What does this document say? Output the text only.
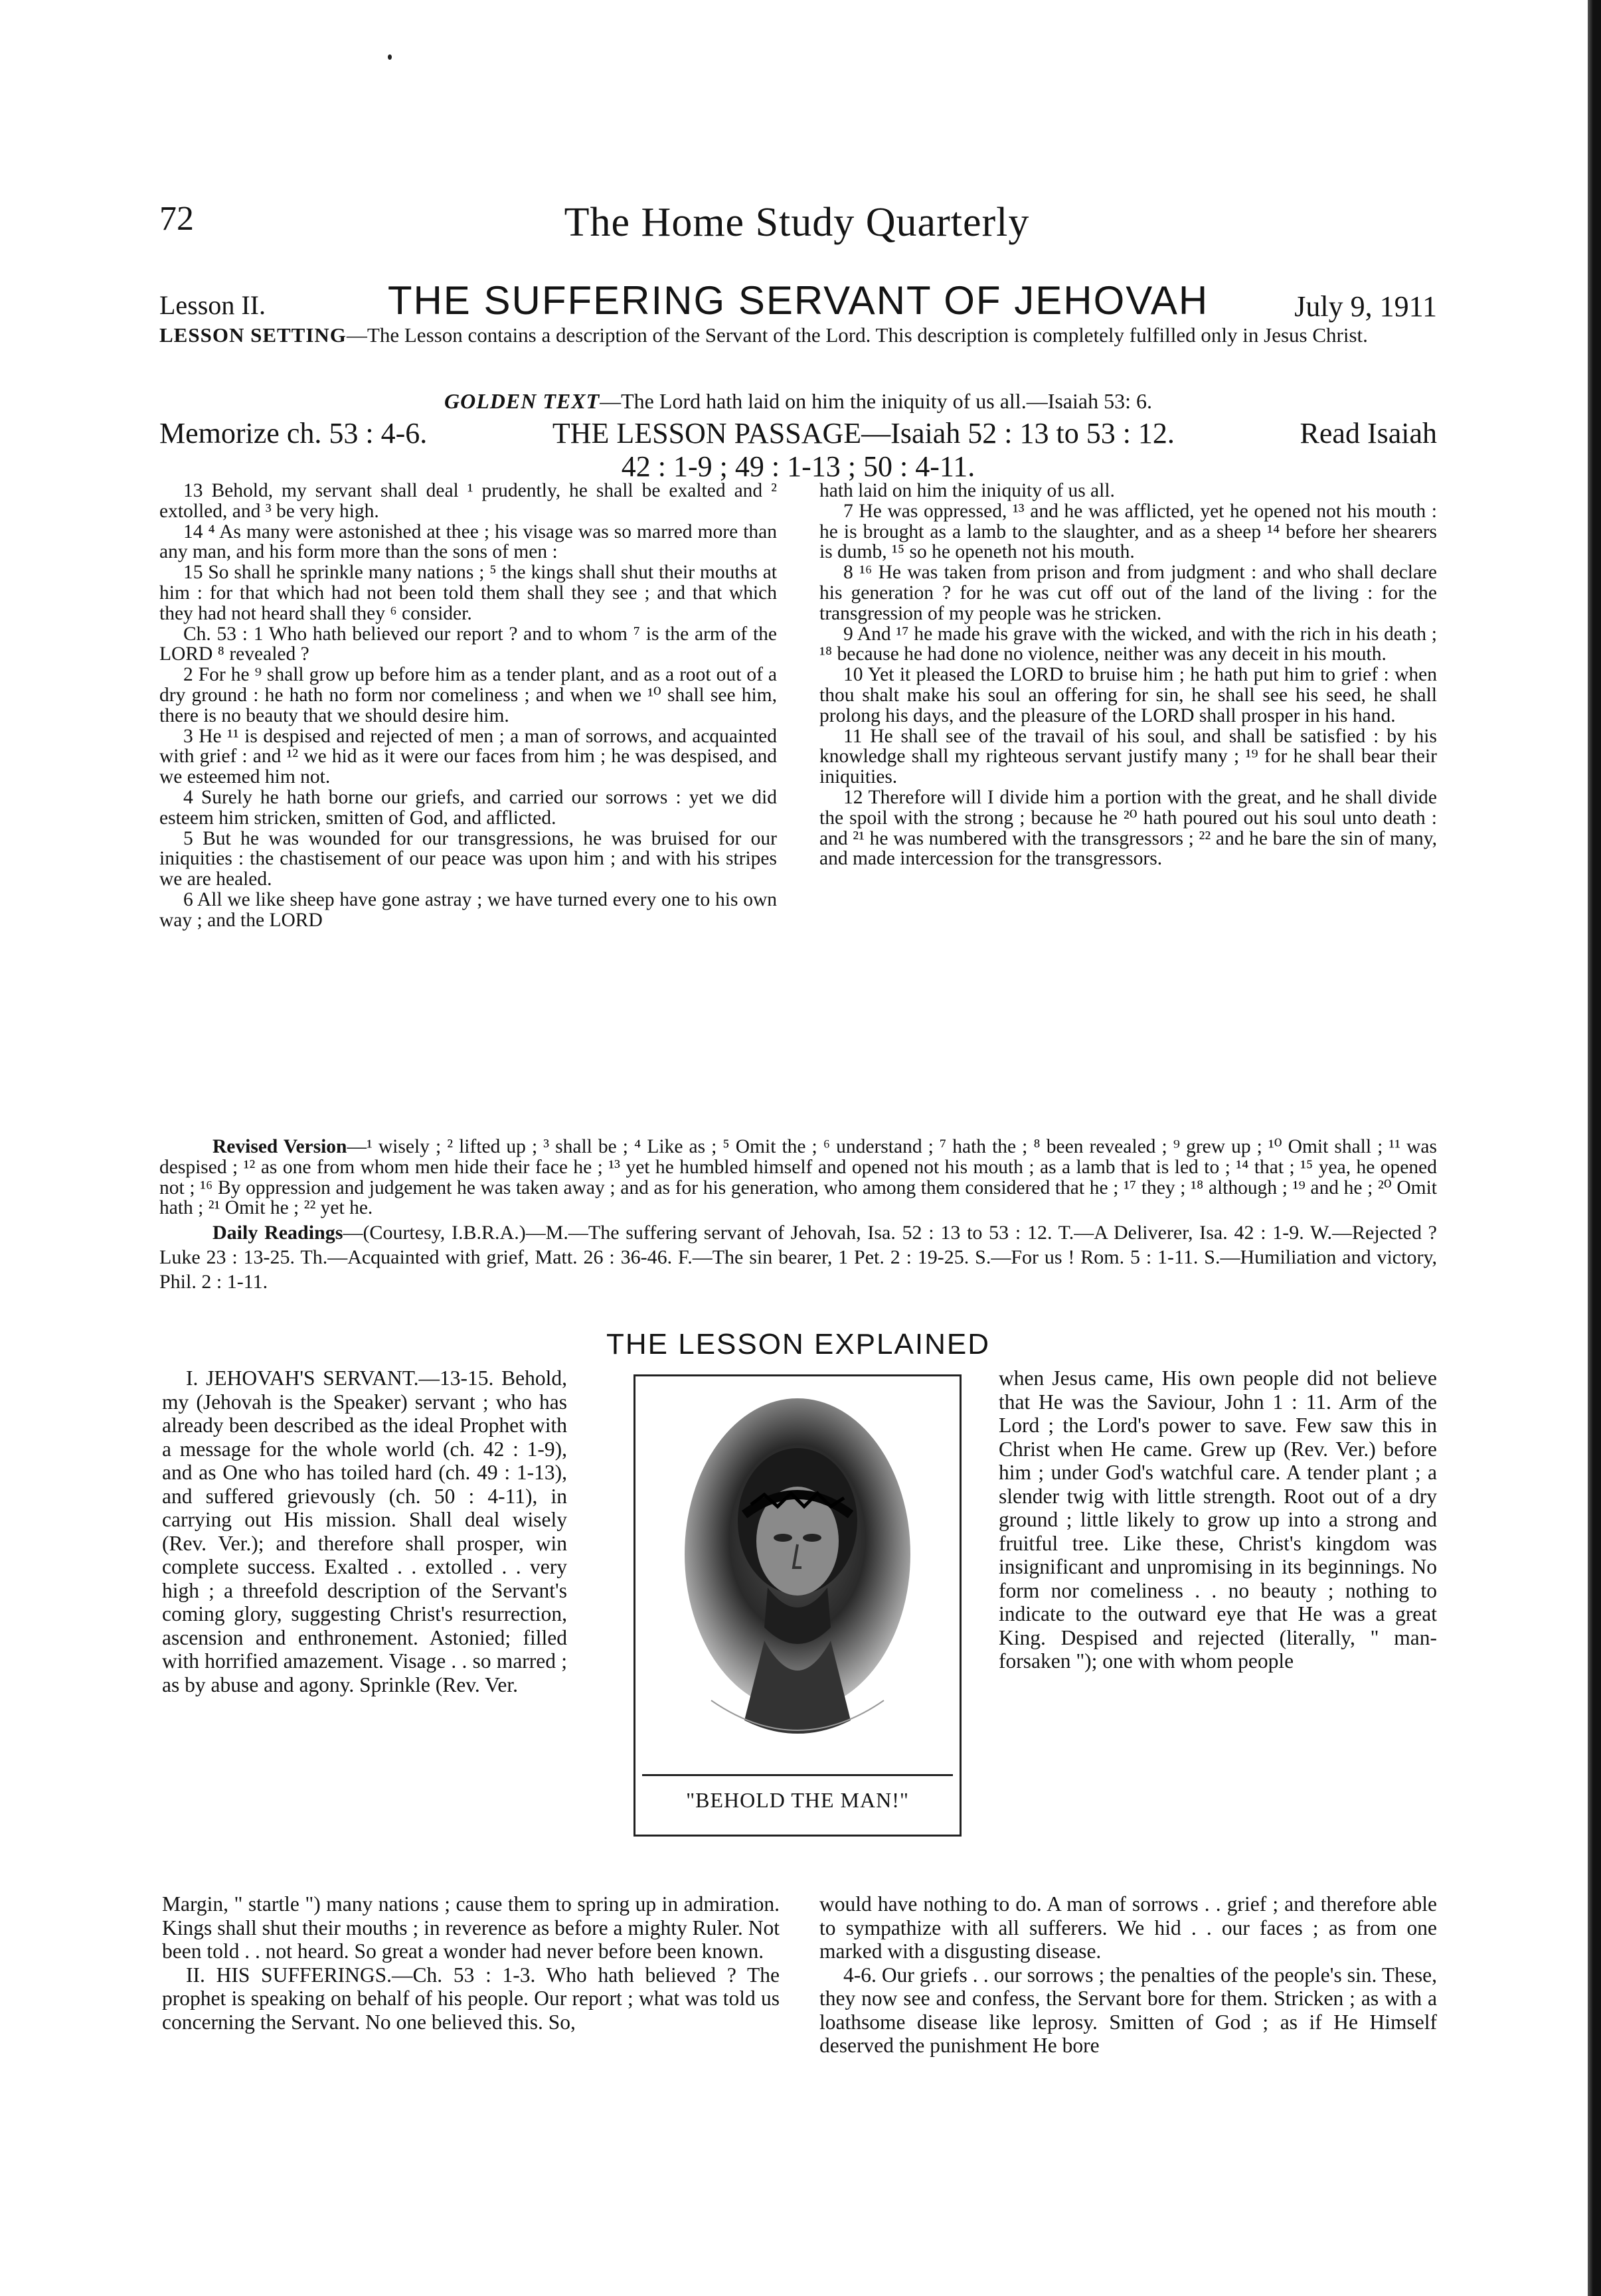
72	The Home Study Quarterly
Lesson II.	THE SUFFERING SERVANT OF JEHOVAH	July 9, 1911
LESSON SETTING—The Lesson contains a description of the Servant of the Lord. This description is completely fulfilled only in Jesus Christ.
GOLDEN TEXT—The Lord hath laid on him the iniquity of us all.—Isaiah 53: 6.
Memorize ch. 53 : 4-6.	THE LESSON PASSAGE—Isaiah 52 : 13 to 53 : 12.	Read Isaiah
42 : 1-9 ; 49 : 1-13 ; 50 : 4-11.

13 Behold, my servant shall deal ¹ prudently, he shall be exalted and ² extolled, and ³ be very high.

14 ⁴ As many were astonished at thee ; his visage was so marred more than any man, and his form more than the sons of men :

15 So shall he sprinkle many nations ; ⁵ the kings shall shut their mouths at him : for that which had not been told them shall they see ; and that which they had not heard shall they ⁶ consider.

Ch. 53 : 1 Who hath believed our report ? and to whom ⁷ is the arm of the LORD ⁸ revealed ?

2 For he ⁹ shall grow up before him as a tender plant, and as a root out of a dry ground : he hath no form nor comeliness ; and when we ¹⁰ shall see him, there is no beauty that we should desire him.

3 He ¹¹ is despised and rejected of men ; a man of sorrows, and acquainted with grief : and ¹² we hid as it were our faces from him ; he was despised, and we esteemed him not.

4 Surely he hath borne our griefs, and carried our sorrows : yet we did esteem him stricken, smitten of God, and afflicted.

5 But he was wounded for our transgressions, he was bruised for our iniquities : the chastisement of our peace was upon him ; and with his stripes we are healed.

6 All we like sheep have gone astray ; we have turned every one to his own way ; and the LORD

hath laid on him the iniquity of us all.

7 He was oppressed, ¹³ and he was afflicted, yet he opened not his mouth : he is brought as a lamb to the slaughter, and as a sheep ¹⁴ before her shearers is dumb, ¹⁵ so he openeth not his mouth.

8 ¹⁶ He was taken from prison and from judgment : and who shall declare his generation ? for he was cut off out of the land of the living : for the transgression of my people was he stricken.

9 And ¹⁷ he made his grave with the wicked, and with the rich in his death ; ¹⁸ because he had done no violence, neither was any deceit in his mouth.

10 Yet it pleased the LORD to bruise him ; he hath put him to grief : when thou shalt make his soul an offering for sin, he shall see his seed, he shall prolong his days, and the pleasure of the LORD shall prosper in his hand.

11 He shall see of the travail of his soul, and shall be satisfied : by his knowledge shall my righteous servant justify many ; ¹⁹ for he shall bear their iniquities.

12 Therefore will I divide him a portion with the great, and he shall divide the spoil with the strong ; because he ²⁰ hath poured out his soul unto death : and ²¹ he was numbered with the transgressors ; ²² and he bare the sin of many, and made intercession for the transgressors.

Revised Version—¹ wisely ; ² lifted up ; ³ shall be ; ⁴ Like as ; ⁵ Omit the ; ⁶ understand ; ⁷ hath the ; ⁸ been revealed ; ⁹ grew up ; ¹⁰ Omit shall ; ¹¹ was despised ; ¹² as one from whom men hide their face he ; ¹³ yet he humbled himself and opened not his mouth ; as a lamb that is led to ; ¹⁴ that ; ¹⁵ yea, he opened not ; ¹⁶ By oppression and judgement he was taken away ; and as for his generation, who among them considered that he ; ¹⁷ they ; ¹⁸ although ; ¹⁹ and he ; ²⁰ Omit hath ; ²¹ Omit he ; ²² yet he.

Daily Readings—(Courtesy, I.B.R.A.)—M.—The suffering servant of Jehovah, Isa. 52 : 13 to 53 : 12. T.—A Deliverer, Isa. 42 : 1-9. W.—Rejected ? Luke 23 : 13-25. Th.—Acquainted with grief, Matt. 26 : 36-46. F.—The sin bearer, 1 Pet. 2 : 19-25. S.—For us ! Rom. 5 : 1-11. S.—Humiliation and victory, Phil. 2 : 1-11.

THE LESSON EXPLAINED

I. JEHOVAH'S SERVANT.—13-15. Behold, my (Jehovah is the Speaker) servant ; who has already been described as the ideal Prophet with a message for the whole world (ch. 42 : 1-9), and as One who has toiled hard (ch. 49 : 1-13), and suffered grievously (ch. 50 : 4-11), in carrying out His mission. Shall deal wisely (Rev. Ver.); and therefore shall prosper, win complete success. Exalted . . extolled . . very high ; a threefold description of the Servant's coming glory, suggesting Christ's resurrection, ascension and enthronement. Astonied; filled with horrified amazement. Visage . . so marred ; as by abuse and agony. Sprinkle (Rev. Ver.

"BEHOLD THE MAN!"

when Jesus came, His own people did not believe that He was the Saviour, John 1 : 11. Arm of the Lord ; the Lord's power to save. Few saw this in Christ when He came. Grew up (Rev. Ver.) before him ; under God's watchful care. A tender plant ; a slender twig with little strength. Root out of a dry ground ; little likely to grow up into a strong and fruitful tree. Like these, Christ's kingdom was insignificant and unpromising in its beginnings. No form nor comeliness . . no beauty ; nothing to indicate to the outward eye that He was a great King. Despised and rejected (literally, " man-forsaken "); one with whom people

Margin, " startle ") many nations ; cause them to spring up in admiration. Kings shall shut their mouths ; in reverence as before a mighty Ruler. Not been told . . not heard. So great a wonder had never before been known.

II. HIS SUFFERINGS.—Ch. 53 : 1-3. Who hath believed ? The prophet is speaking on behalf of his people. Our report ; what was told us concerning the Servant. No one believed this. So,

would have nothing to do. A man of sorrows . . grief ; and therefore able to sympathize with all sufferers. We hid . . our faces ; as from one marked with a disgusting disease.

4-6. Our griefs . . our sorrows ; the penalties of the people's sin. These, they now see and confess, the Servant bore for them. Stricken ; as with a loathsome disease like leprosy. Smitten of God ; as if He Himself deserved the punishment He bore
